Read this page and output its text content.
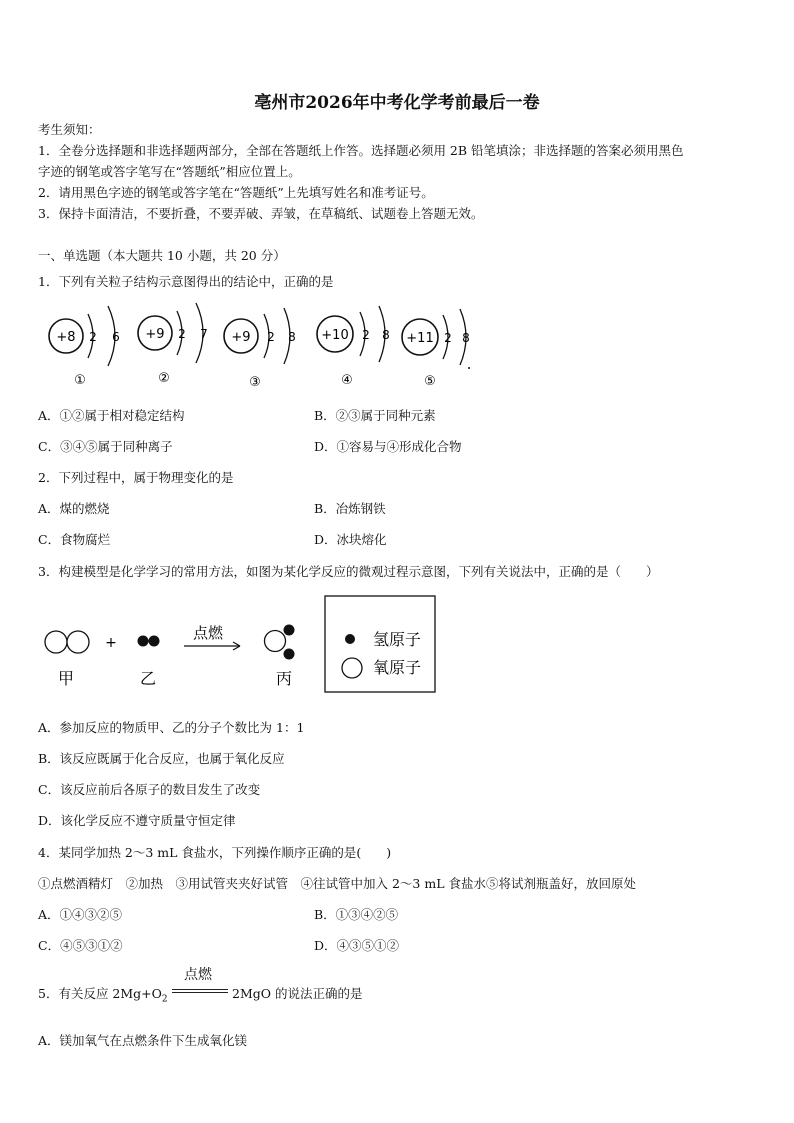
亳州市2026年中考化学考前最后一卷
考生须知：
1．全卷分选择题和非选择题两部分，全部在答题纸上作答。选择题必须用 2B 铅笔填涂；非选择题的答案必须用黑色
字迹的钢笔或答字笔写在“答题纸”相应位置上。
2．请用黑色字迹的钢笔或答字笔在“答题纸”上先填写姓名和准考证号。
3．保持卡面清洁，不要折叠，不要弄破、弄皱，在草稿纸、试题卷上答题无效。
一、单选题（本大题共 10 小题，共 20 分）
1．下列有关粒子结构示意图得出的结论中，正确的是
+8 2 6
①
+9 2 7
②
+9 2 8
③
+10 2 8
④
+11 2 8
⑤
A．①②属于相对稳定结构	B．②③属于同种元素
C．③④⑤属于同种离子	D．①容易与④形成化合物
2．下列过程中，属于物理变化的是
A．煤的燃烧	B．冶炼钢铁
C．食物腐烂	D．冰块熔化
3．构建模型是化学学习的常用方法，如图为某化学反应的微观过程示意图，下列有关说法中，正确的是（　　）
甲
+
乙
点燃
丙
氢原子
氧原子
A．参加反应的物质甲、乙的分子个数比为 1：1
B．该反应既属于化合反应，也属于氧化反应
C．该反应前后各原子的数目发生了改变
D．该化学反应不遵守质量守恒定律
4．某同学加热 2～3 mL 食盐水，下列操作顺序正确的是(　　)
①点燃酒精灯　②加热　③用试管夹夹好试管　④往试管中加入 2～3 mL 食盐水⑤将试剂瓶盖好，放回原处
A．①④③②⑤	B．①③④②⑤
C．④⑤③①②	D．④③⑤①②
5．有关反应 $2Mg+O_2$
点燃
2MgO 的说法正确的是
A．镁加氧气在点燃条件下生成氧化镁
